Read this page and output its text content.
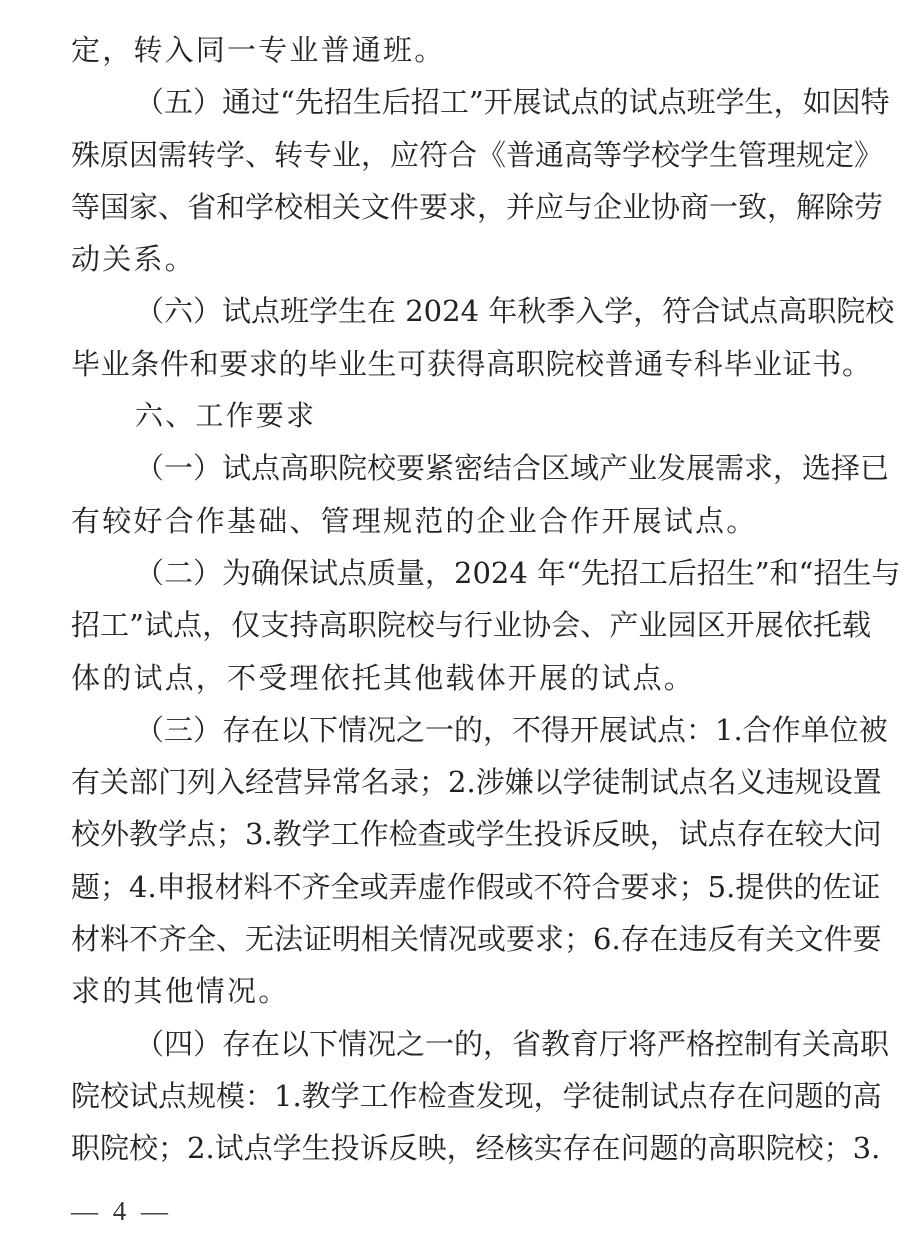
定，转入同一专业普通班。
（五）通过“先招生后招工”开展试点的试点班学生，如因特
殊原因需转学、转专业，应符合《普通高等学校学生管理规定》
等国家、省和学校相关文件要求，并应与企业协商一致，解除劳
动关系。
（六）试点班学生在 2024 年秋季入学，符合试点高职院校
毕业条件和要求的毕业生可获得高职院校普通专科毕业证书。
六、工作要求
（一）试点高职院校要紧密结合区域产业发展需求，选择已
有较好合作基础、管理规范的企业合作开展试点。
（二）为确保试点质量，2024 年“先招工后招生”和“招生与
招工”试点，仅支持高职院校与行业协会、产业园区开展依托载
体的试点，不受理依托其他载体开展的试点。
（三）存在以下情况之一的，不得开展试点：1.合作单位被
有关部门列入经营异常名录；2.涉嫌以学徒制试点名义违规设置
校外教学点；3.教学工作检查或学生投诉反映，试点存在较大问
题；4.申报材料不齐全或弄虚作假或不符合要求；5.提供的佐证
材料不齐全、无法证明相关情况或要求；6.存在违反有关文件要
求的其他情况。
（四）存在以下情况之一的，省教育厅将严格控制有关高职
院校试点规模：1.教学工作检查发现，学徒制试点存在问题的高
职院校；2.试点学生投诉反映，经核实存在问题的高职院校；3.
— 4 —
